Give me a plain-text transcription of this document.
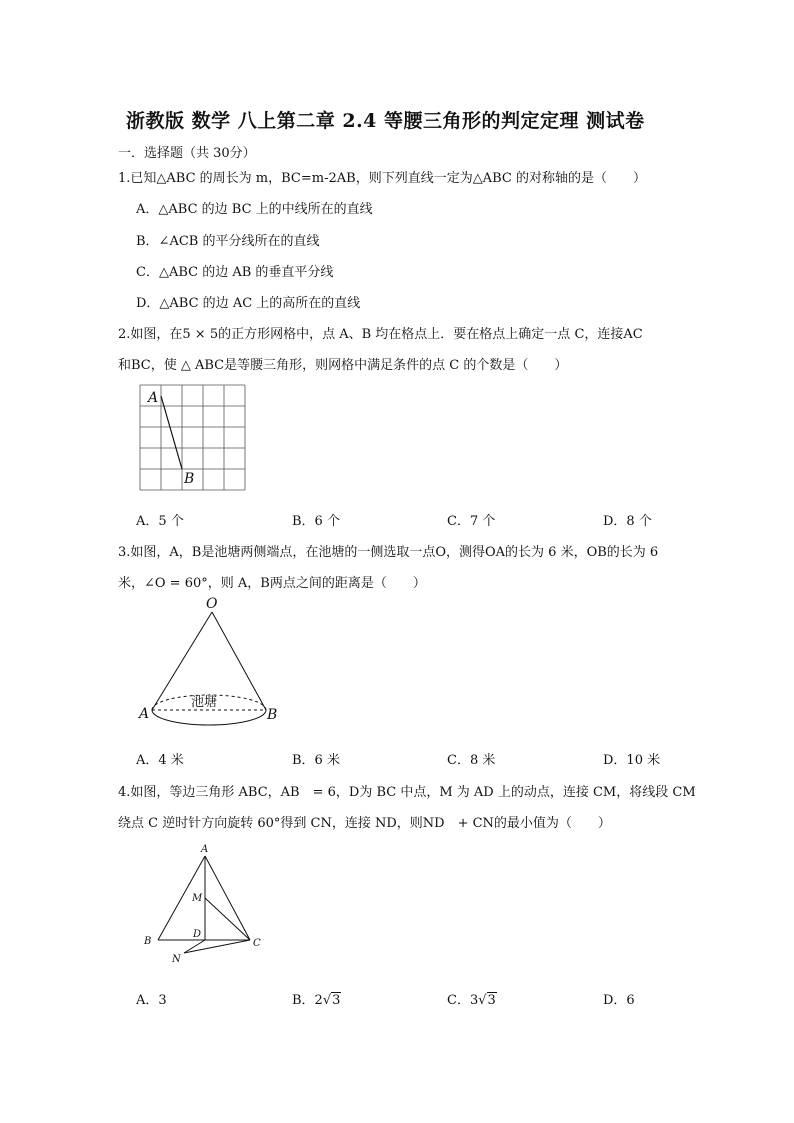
浙教版 数学 八上第二章 2.4 等腰三角形的判定定理 测试卷
一．选择题（共 30分）
1.已知△ABC 的周长为 m，BC=m-2AB，则下列直线一定为△ABC 的对称轴的是（　　）
A．△ABC 的边 BC 上的中线所在的直线
B．∠ACB 的平分线所在的直线
C．△ABC 的边 AB 的垂直平分线
D．△ABC 的边 AC 上的高所在的直线
2.如图，在5 × 5的正方形网格中，点 A、B 均在格点上．要在格点上确定一点 C，连接AC
和BC，使 △ ABC是等腰三角形，则网格中满足条件的点 C 的个数是（　　）
A
B
A．5 个	B．6 个	C．7 个	D．8 个
3.如图，A，B是池塘两侧端点，在池塘的一侧选取一点O，测得OA的长为 6 米，OB的长为 6
米，∠O = 60°，则 A，B两点之间的距离是（　　）
O
A	B
池塘
A．4 米	B．6 米	C．8 米	D．10 米
4.如图，等边三角形 ABC，AB　= 6，D为 BC 中点，M 为 AD 上的动点，连接 CM，将线段 CM
绕点 C 逆时针方向旋转 60°得到 CN，连接 ND，则ND　+ CN的最小值为（　　）
A
B	C
D
M
N
A．3	B．2√3	C．3√3	D．6
